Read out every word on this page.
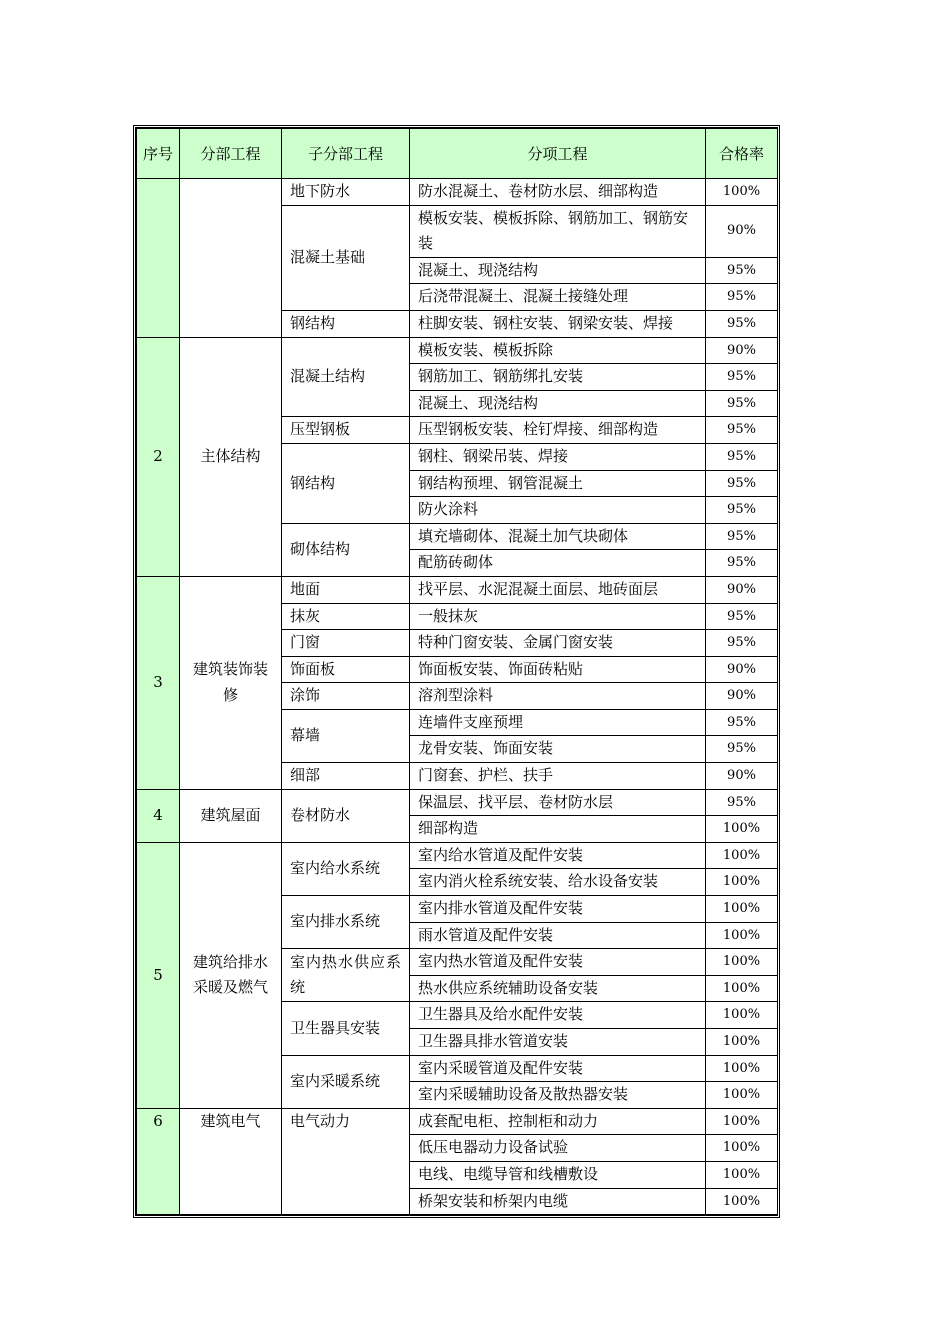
序号	分部工程	子分部工程	分项工程	合格率
		地下防水	防水混凝土、卷材防水层、细部构造	100%
		混凝土基础	模板安装、模板拆除、钢筋加工、钢筋安装	90%
			混凝土、现浇结构	95%
			后浇带混凝土、混凝土接缝处理	95%
		钢结构	柱脚安装、钢柱安装、钢梁安装、焊接	95%
2	主体结构	混凝土结构	模板安装、模板拆除	90%
			钢筋加工、钢筋绑扎安装	95%
			混凝土、现浇结构	95%
		压型钢板	压型钢板安装、栓钉焊接、细部构造	95%
		钢结构	钢柱、钢梁吊装、焊接	95%
			钢结构预埋、钢管混凝土	95%
			防火涂料	95%
		砌体结构	填充墙砌体、混凝土加气块砌体	95%
			配筋砖砌体	95%
3	建筑装饰装修	地面	找平层、水泥混凝土面层、地砖面层	90%
		抹灰	一般抹灰	95%
		门窗	特种门窗安装、金属门窗安装	95%
		饰面板	饰面板安装、饰面砖粘贴	90%
		涂饰	溶剂型涂料	90%
		幕墙	连墙件支座预埋	95%
			龙骨安装、饰面安装	95%
		细部	门窗套、护栏、扶手	90%
4	建筑屋面	卷材防水	保温层、找平层、卷材防水层	95%
			细部构造	100%
5	建筑给排水采暖及燃气	室内给水系统	室内给水管道及配件安装	100%
			室内消火栓系统安装、给水设备安装	100%
		室内排水系统	室内排水管道及配件安装	100%
			雨水管道及配件安装	100%
		室内热水供应系统	室内热水管道及配件安装	100%
			热水供应系统辅助设备安装	100%
		卫生器具安装	卫生器具及给水配件安装	100%
			卫生器具排水管道安装	100%
		室内采暖系统	室内采暖管道及配件安装	100%
			室内采暖辅助设备及散热器安装	100%
6	建筑电气	电气动力	成套配电柜、控制柜和动力	100%
			低压电器动力设备试验	100%
			电线、电缆导管和线槽敷设	100%
			桥架安装和桥架内电缆	100%
